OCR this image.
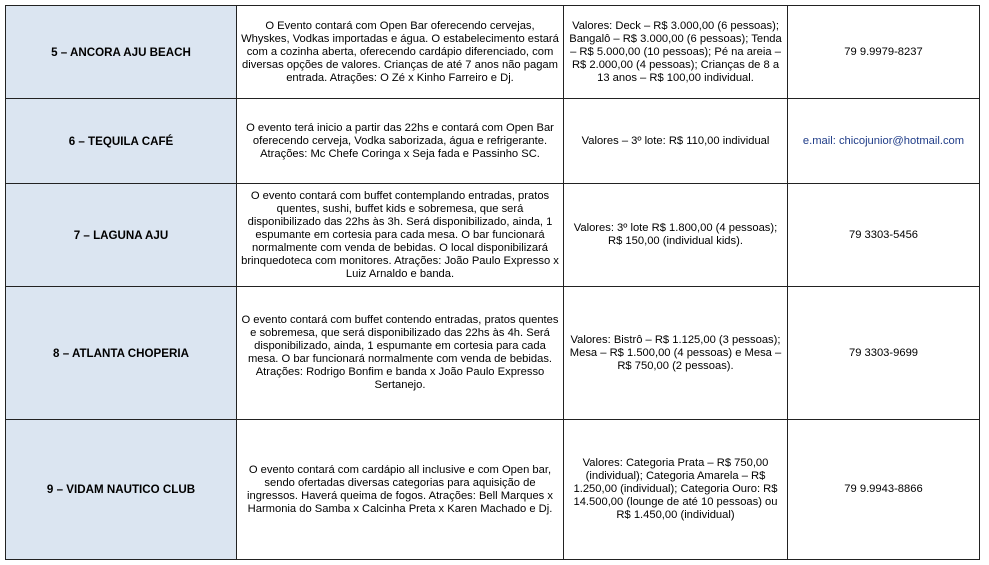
5 – ANCORA AJU BEACH	O Evento contará com Open Bar oferecendo cervejas, Whyskes, Vodkas importadas e água. O estabelecimento estará com a cozinha aberta, oferecendo cardápio diferenciado, com diversas opções de valores. Crianças de até 7 anos não pagam entrada. Atrações: O Zé x Kinho Farreiro e Dj.	Valores: Deck – R$ 3.000,00 (6 pessoas); Bangalô – R$ 3.000,00 (6 pessoas); Tenda – R$ 5.000,00 (10 pessoas); Pé na areia – R$ 2.000,00 (4 pessoas); Crianças de 8 a 13 anos – R$ 100,00 individual.	79 9.9979-8237
6 – TEQUILA CAFÉ	O evento terá inicio a partir das 22hs e contará com Open Bar oferecendo cerveja, Vodka saborizada, água e refrigerante. Atrações: Mc Chefe Coringa x Seja fada e Passinho SC.	Valores – 3º lote: R$ 110,00 individual	e.mail: chicojunior@hotmail.com
7 – LAGUNA AJU	O evento contará com buffet contemplando entradas, pratos quentes, sushi, buffet kids e sobremesa, que será disponibilizado das 22hs às 3h. Será disponibilizado, ainda, 1 espumante em cortesia para cada mesa. O bar funcionará normalmente com venda de bebidas. O local disponibilizará brinquedoteca com monitores. Atrações: João Paulo Expresso x Luiz Arnaldo e banda.	Valores: 3º lote R$ 1.800,00 (4 pessoas); R$ 150,00 (individual kids).	79 3303-5456
8 – ATLANTA CHOPERIA	O evento contará com buffet contendo entradas, pratos quentes e sobremesa, que será disponibilizado das 22hs às 4h. Será disponibilizado, ainda, 1 espumante em cortesia para cada mesa. O bar funcionará normalmente com venda de bebidas. Atrações: Rodrigo Bonfim e banda x João Paulo Expresso Sertanejo.	Valores: Bistrô – R$ 1.125,00 (3 pessoas); Mesa – R$ 1.500,00 (4 pessoas) e Mesa – R$ 750,00 (2 pessoas).	79 3303-9699
9 – VIDAM NAUTICO CLUB	O evento contará com cardápio all inclusive e com Open bar, sendo ofertadas diversas categorias para aquisição de ingressos. Haverá queima de fogos. Atrações: Bell Marques x Harmonia do Samba x Calcinha Preta x Karen Machado e Dj.	Valores: Categoria Prata – R$ 750,00 (individual); Categoria Amarela – R$ 1.250,00 (individual); Categoria Ouro: R$ 14.500,00 (lounge de até 10 pessoas) ou R$ 1.450,00 (individual)	79 9.9943-8866
